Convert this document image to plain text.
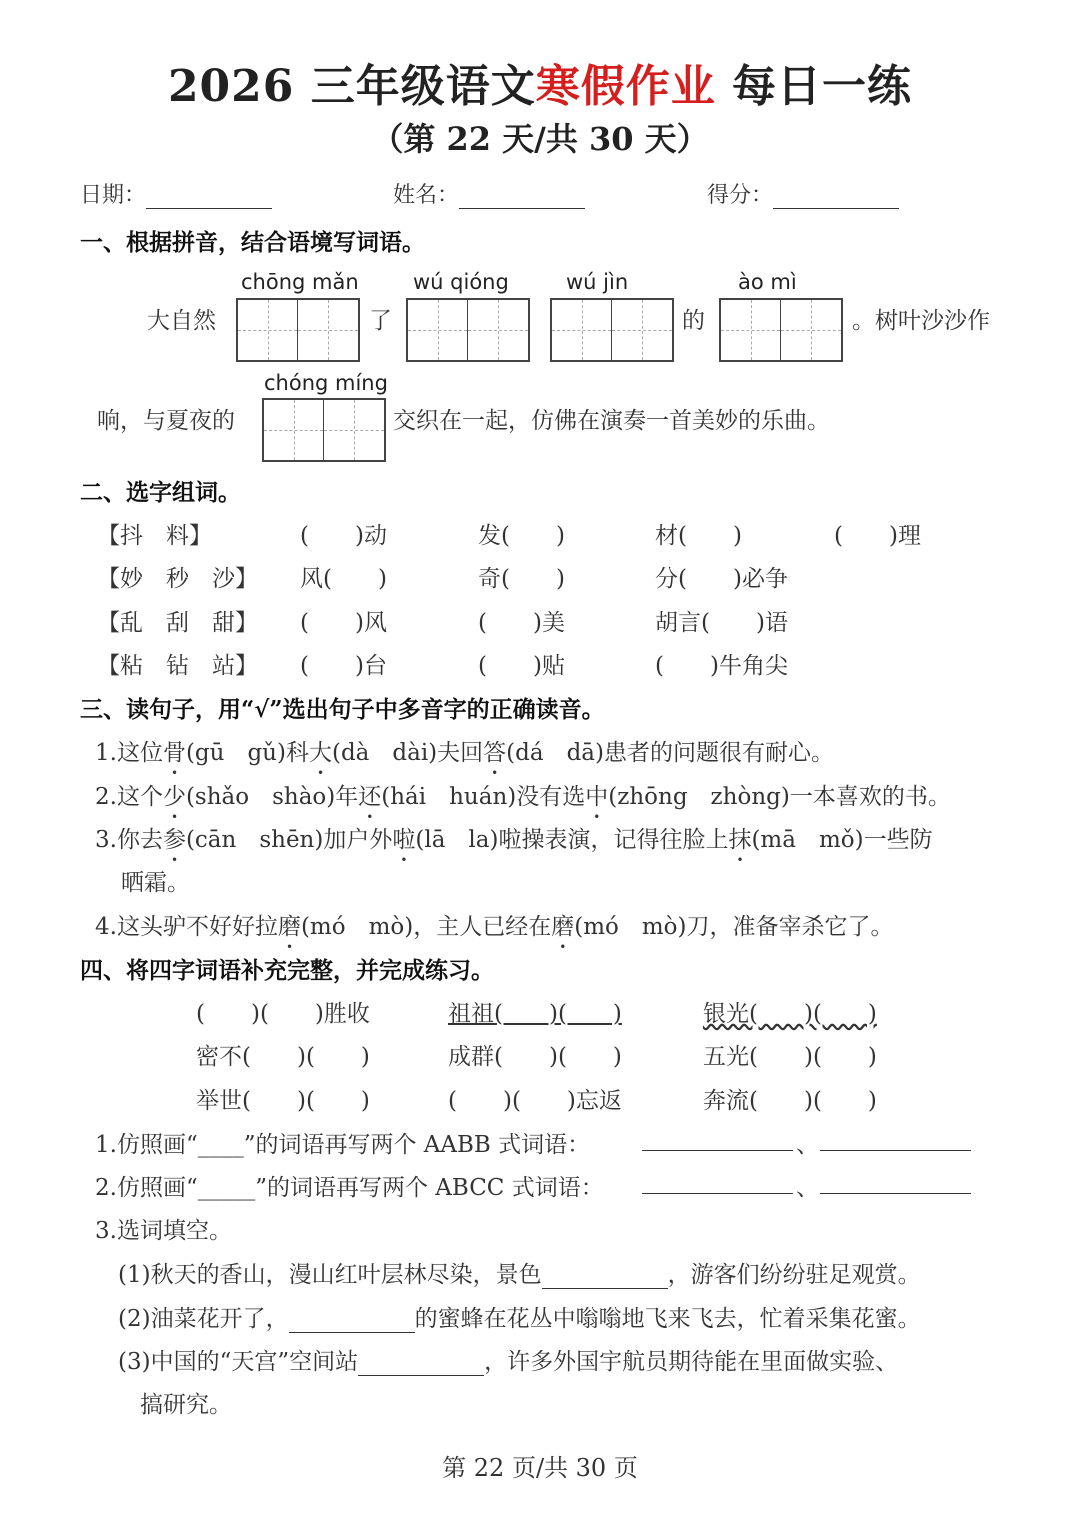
2026 三年级语文寒假作业 每日一练
（第 22 天/共 30 天）
日期：	姓名：	得分：
一、根据拼音，结合语境写词语。
chōng mǎn	wú qióng	wú jìn	ào mì
大自然	了	的	。树叶沙沙作
chóng míng
响，与夏夜的	交织在一起，仿佛在演奏一首美妙的乐曲。
二、选字组词。
【抖　料】	(　　)动	发(　　)	材(　　)	(　　)理
【妙　秒　沙】 风(　　)	奇(　　)	分(　　)必争
【乱　刮　甜】 (　　)风	(　　)美	胡言(　　)语
【粘　钻　站】 (　　)台	(　　)贴	(　　)牛角尖
三、读句子，用“√”选出句子中多音字的正确读音。
1.这位骨(gū　gǔ)科大(dà　dài)夫回答(dá　dā)患者的问题很有耐心。
2.这个少(shǎo　shào)年还(hái　huán)没有选中(zhōng　zhòng)一本喜欢的书。
3.你去参(cān　shēn)加户外啦(lā　la)啦操表演，记得往脸上抹(mā　mǒ)一些防
晒霜。
4.这头驴不好好拉磨(mó　mò)，主人已经在磨(mó　mò)刀，准备宰杀它了。
四、将四字词语补充完整，并完成练习。
(　　)(　　)胜收	祖祖(　　)(　　)	银光(　　)(　　)
密不(　　)(　　)	成群(　　)(　　)	五光(　　)(　　)
举世(　　)(　　)	(　　)(　　)忘返	奔流(　　)(　　)
1.仿照画“____”的词语再写两个 AABB 式词语：	、
2.仿照画“_____”的词语再写两个 ABCC 式词语：	、
3.选词填空。
(1)秋天的香山，漫山红叶层林尽染，景色	，游客们纷纷驻足观赏。
(2)油菜花开了，	的蜜蜂在花丛中嗡嗡地飞来飞去，忙着采集花蜜。
(3)中国的“天宫”空间站	，许多外国宇航员期待能在里面做实验、
搞研究。
第 22 页/共 30 页
